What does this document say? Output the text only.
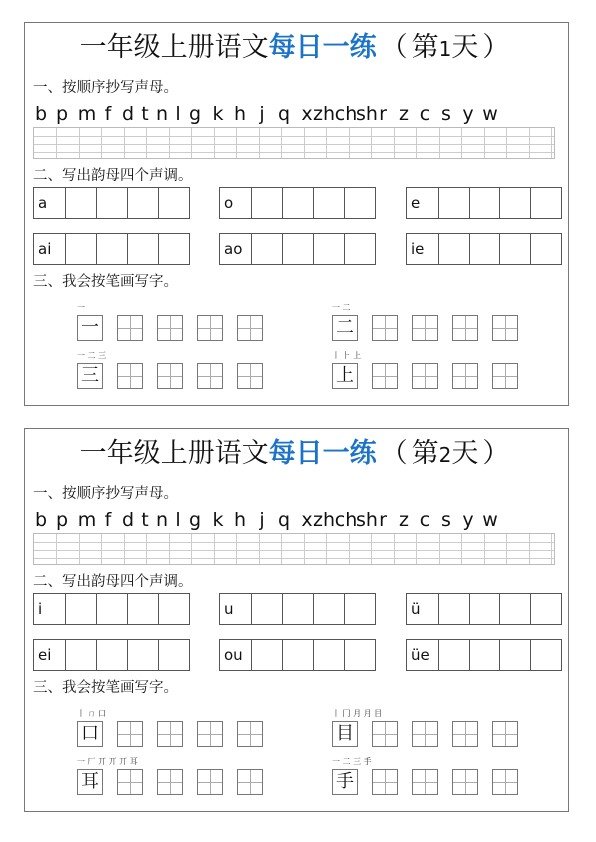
一年级上册语文每日一练 （ 第1天 ）
一、按顺序抄写声母。
b p m f d t n l g k h j q x zh ch
sh r z c s y w
二、写出韵母四个声调。
a	o	e
ai	ao	ie
三、我会按笔画写字。
一
一
一 二
二
一 二 三
三
丨 ⺊ 上
上
一年级上册语文每日一练 （ 第2天 ）
一、按顺序抄写声母。
b p m f d t n l g k h j q x zh ch
sh r z c s y w
二、写出韵母四个声调。
i	u	ü
ei	ou	üe
三、我会按笔画写字。
丨 ㄇ 口
口
丨 冂 月 月 目
目
一 厂 丌 丌 丌 耳
耳
一 二 三 手
手
